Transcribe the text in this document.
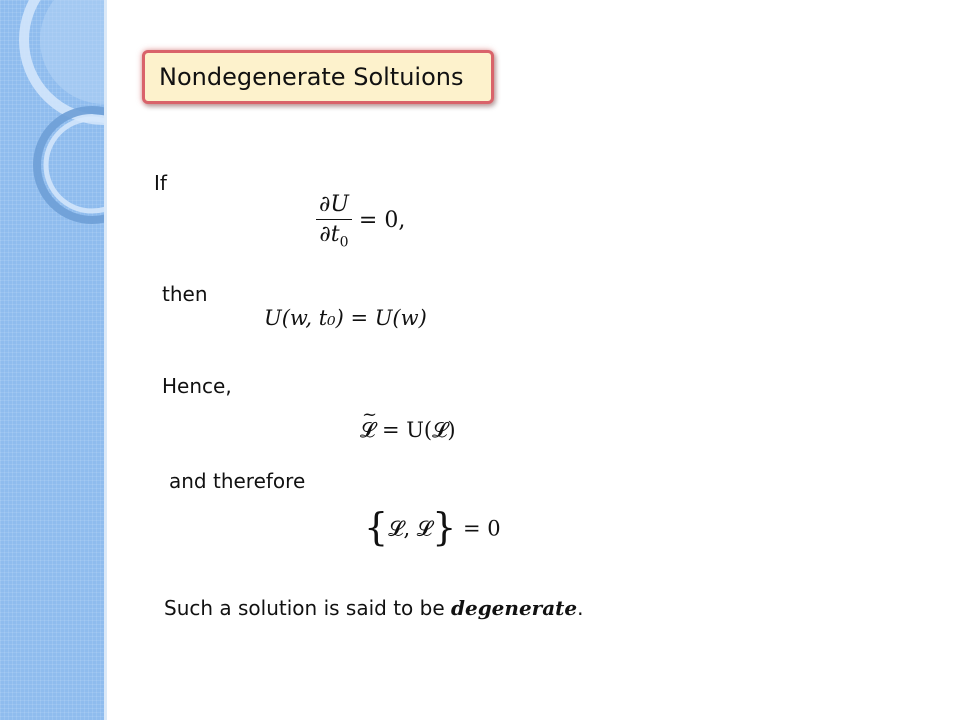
Nondegenerate Soltuions
If
$\frac{\partial U}{\partial t_0} = 0$,
then
U(w, t₀) = U(w)
Hence,
~
𝓛 = U(𝓛)
and therefore
{𝓛, 𝓛} = 0
Such a solution is said to be degenerate.
